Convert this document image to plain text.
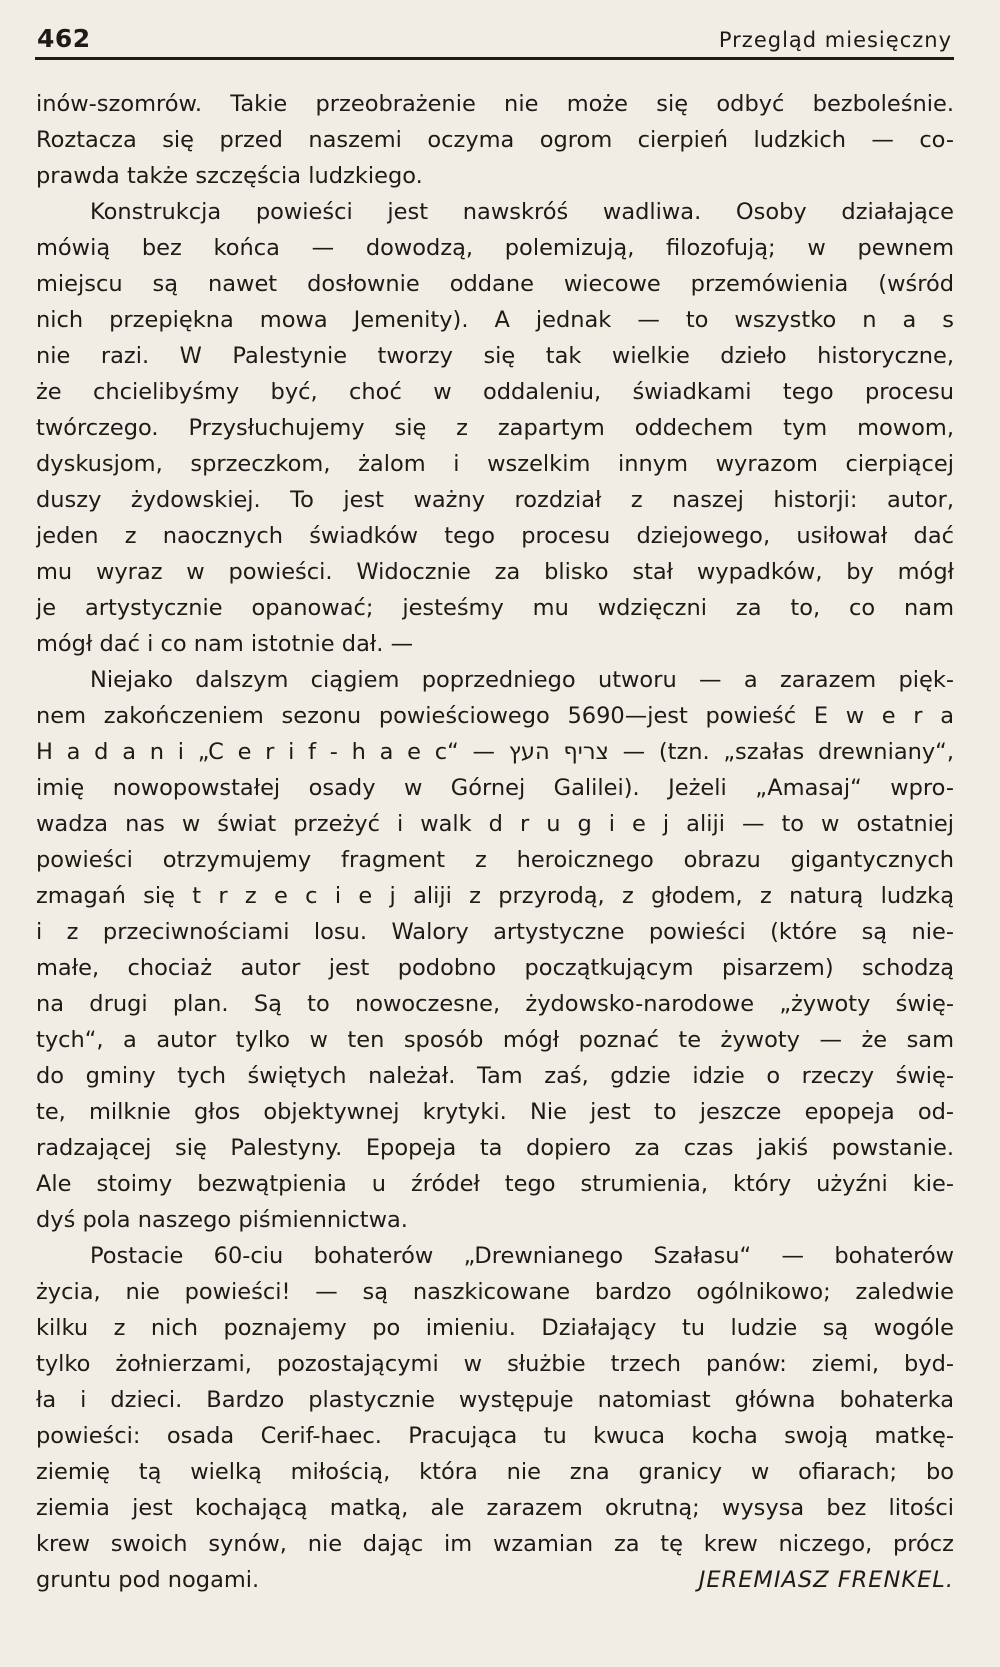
462	Przegląd miesięczny
inów-szomrów. Takie przeobrażenie nie może się odbyć bezboleśnie.
Roztacza się przed naszemi oczyma ogrom cierpień ludzkich — co-
prawda także szczęścia ludzkiego.
Konstrukcja powieści jest nawskróś wadliwa. Osoby działające
mówią bez końca — dowodzą, polemizują, filozofują; w pewnem
miejscu są nawet dosłownie oddane wiecowe przemówienia (wśród
nich przepiękna mowa Jemenity). A jednak — to wszystko n a s
nie razi. W Palestynie tworzy się tak wielkie dzieło historyczne,
że chcielibyśmy być, choć w oddaleniu, świadkami tego procesu
twórczego. Przysłuchujemy się z zapartym oddechem tym mowom,
dyskusjom, sprzeczkom, żalom i wszelkim innym wyrazom cierpiącej
duszy żydowskiej. To jest ważny rozdział z naszej historji: autor,
jeden z naocznych świadków tego procesu dziejowego, usiłował dać
mu wyraz w powieści. Widocznie za blisko stał wypadków, by mógł
je artystycznie opanować; jesteśmy mu wdzięczni za to, co nam
mógł dać i co nam istotnie dał. —
Niejako dalszym ciągiem poprzedniego utworu — a zarazem pięk-
nem zakończeniem sezonu powieściowego 5690—jest powieść E w e r a
H a d a n i „C e r i f - h a e c“ — צריף העץ — (tzn. „szałas drewniany“,
imię nowopowstałej osady w Górnej Galilei). Jeżeli „Amasaj“ wpro-
wadza nas w świat przeżyć i walk d r u g i e j aliji — to w ostatniej
powieści otrzymujemy fragment z heroicznego obrazu gigantycznych
zmagań się t r z e c i e j aliji z przyrodą, z głodem, z naturą ludzką
i z przeciwnościami losu. Walory artystyczne powieści (które są nie-
małe, chociaż autor jest podobno początkującym pisarzem) schodzą
na drugi plan. Są to nowoczesne, żydowsko-narodowe „żywoty świę-
tych“, a autor tylko w ten sposób mógł poznać te żywoty — że sam
do gminy tych świętych należał. Tam zaś, gdzie idzie o rzeczy świę-
te, milknie głos objektywnej krytyki. Nie jest to jeszcze epopeja od-
radzającej się Palestyny. Epopeja ta dopiero za czas jakiś powstanie.
Ale stoimy bezwątpienia u źródeł tego strumienia, który użyźni kie-
dyś pola naszego piśmiennictwa.
Postacie 60-ciu bohaterów „Drewnianego Szałasu“ — bohaterów
życia, nie powieści! — są naszkicowane bardzo ogólnikowo; zaledwie
kilku z nich poznajemy po imieniu. Działający tu ludzie są wogóle
tylko żołnierzami, pozostającymi w służbie trzech panów: ziemi, byd-
ła i dzieci. Bardzo plastycznie występuje natomiast główna bohaterka
powieści: osada Cerif-haec. Pracująca tu kwuca kocha swoją matkę-
ziemię tą wielką miłością, która nie zna granicy w ofiarach; bo
ziemia jest kochającą matką, ale zarazem okrutną; wysysa bez litości
krew swoich synów, nie dając im wzamian za tę krew niczego, prócz
gruntu pod nogami.	JEREMIASZ FRENKEL.
